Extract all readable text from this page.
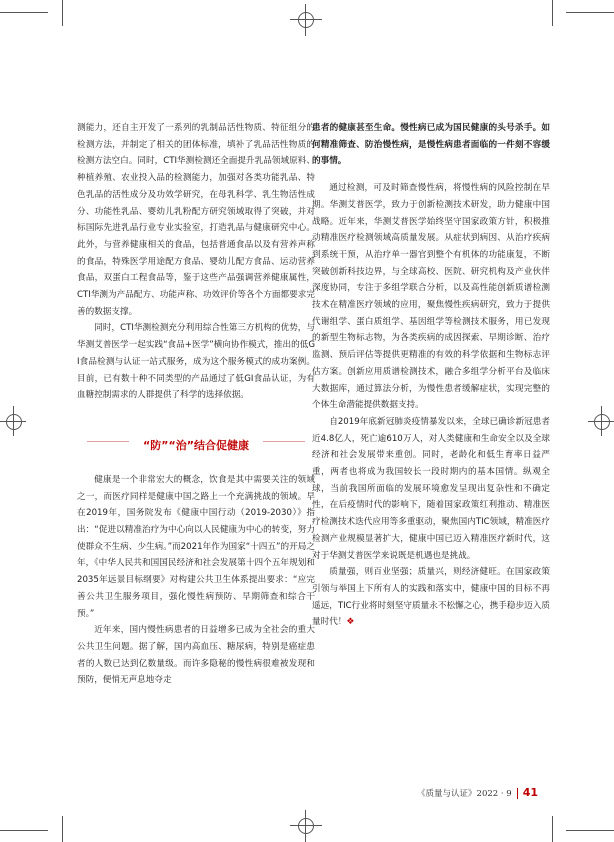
测能力，还自主开发了一系列的乳制品活性物质、特征组分的检测方法，并制定了相关的团体标准，填补了乳品活性物质的检测方法空白。同时，CTI华测检测还全面提升乳品领域原料、种植养殖、农业投入品的检测能力，加强对各类功能乳品、特色乳品的活性成分及功效学研究，在母乳科学、乳生物活性成分、功能性乳品、婴幼儿乳粉配方研究领域取得了突破，并对标国际先进乳品行业专业实验室，打造乳品与健康研究中心。此外，与营养健康相关的食品，包括普通食品以及有营养声称的食品，特殊医学用途配方食品、婴幼儿配方食品、运动营养食品，双蛋白工程食品等，鉴于这些产品强调营养健康属性，CTI华测为产品配方、功能声称、功效评价等各个方面都要求完善的数据支撑。

同时，CTI华测检测充分利用综合性第三方机构的优势，与华测艾普医学一起实践“食品+医学”横向协作模式，推出的低GI食品检测与认证一站式服务，成为这个服务模式的成功案例。目前，已有数十种不同类型的产品通过了低GI食品认证，为有血糖控制需求的人群提供了科学的选择依据。

“防”“治”结合促健康

健康是一个非常宏大的概念，饮食是其中需要关注的领域之一，而医疗同样是健康中国之路上一个充满挑战的领域。早在2019年，国务院发布《健康中国行动（2019-2030）》指出：“促进以精准治疗为中心向以人民健康为中心的转变，努力使群众不生病、少生病。”而2021年作为国家“十四五”的开局之年，《中华人民共和国国民经济和社会发展第十四个五年规划和2035年远景目标纲要》对构建公共卫生体系提出要求：“应完善公共卫生服务项目，强化慢性病预防、早期筛查和综合干预。”

近年来，国内慢性病患者的日益增多已成为全社会的重大公共卫生问题。据了解，国内高血压、糖尿病，特别是癌症患者的人数已达到亿数量级。而许多隐秘的慢性病很难被发现和预防，便悄无声息地夺走

患者的健康甚至生命。慢性病已成为国民健康的头号杀手。如何精准筛查、防治慢性病，是慢性病患者面临的一件刻不容缓的事情。

通过检测，可及时筛查慢性病，将慢性病的风险控制在早期。华测艾普医学，致力于创新检测技术研发，助力健康中国战略。近年来，华测艾普医学始终坚守国家政策方针，积极推动精准医疗检测领域高质量发展。从症状到病因、从治疗疾病到系统干预，从治疗单一器官到整个有机体的功能康复，不断突破创新科技边界，与全球高校、医院、研究机构及产业伙伴深度协同，专注于多组学联合分析，以及高性能创新质谱检测技术在精准医疗领域的应用，聚焦慢性疾病研究，致力于提供代谢组学、蛋白质组学、基因组学等检测技术服务，用已发现的新型生物标志物，为各类疾病的成因探索、早期诊断、治疗监测、预后评估等提供更精准的有效的科学依据和生物标志评估方案。创新应用质谱检测技术，融合多组学分析平台及临床大数据库，通过算法分析，为慢性患者缓解症状，实现完整的个体生命潜能提供数据支持。

自2019年底新冠肺炎疫情暴发以来，全球已确诊新冠患者近4.8亿人，死亡逾610万人，对人类健康和生命安全以及全球经济和社会发展带来重创。同时，老龄化和低生育率日益严重，两者也将成为我国较长一段时期内的基本国情。纵观全球，当前我国所面临的发展环境愈发呈现出复杂性和不确定性，在后疫情时代的影响下，随着国家政策红利推动、精准医疗检测技术迭代应用等多重驱动，聚焦国内TIC领域，精准医疗检测产业规模显著扩大，健康中国已迈入精准医疗新时代，这对于华测艾普医学来说既是机遇也是挑战。

质量强，则百业坚强；质量兴，则经济健旺。在国家政策引领与举国上下所有人的实践和落实中，健康中国的目标不再遥远，TIC行业将时刻坚守质量永不松懈之心，携手稳步迈入质量时代！❖

《质量与认证》2022 · 9 41
